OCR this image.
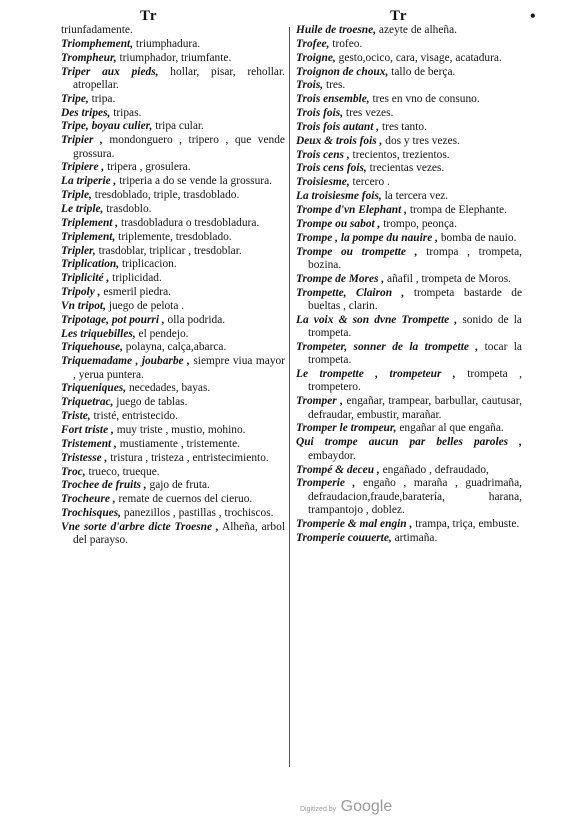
Tr	Tr	•
triunfadamente.
Triomphement, triumphadura.
Trompheur, triumphador, triumfante.
Triper aux pieds, hollar, pisar, rehollar. atropellar.
Tripe, tripa.
Des tripes, tripas.
Tripe, boyau culier, tripa cular.
Tripier , mondonguero , tripero , que vende grossura.
Tripiere , tripera , grosulera.
La triperie , triperia a do se vende la grossura.
Triple, tresdoblado, triple, trasdoblado.
Le triple, trasdoblo.
Triplement , trasdobladura o tresdobladura.
Triplement, triplemente, tresdoblado.
Tripler, trasdoblar, triplicar , tresdoblar.
Triplication, triplicacion.
Triplicité , triplicidad.
Tripoly , esmeril piedra.
Vn tripot, juego de pelota .
Tripotage, pot pourri , olla podrida.
Les triquebilles, el pendejo.
Triquehouse, polayna, calça,abarca.
Triquemadame , joubarbe , siempre viua mayor , yerua puntera.
Triqueniques, necedades, bayas.
Triquetrac, juego de tablas.
Triste, tristé, entristecido.
Fort triste , muy triste , mustio, mohino.
Tristement , mustiamente , tristemente.
Tristesse , tristura , tristeza , entristecimiento.
Troc, trueco, trueque.
Trochee de fruits , gajo de fruta.
Trocheure , remate de cuernos del cieruo.
Trochisques, panezillos , pastillas , trochiscos.
Vne sorte d'arbre dicte Troesne , Alheña, arbol del parayso.
Huile de troesne, azeyte de alheña.
Trofee, trofeo.
Troigne, gesto,ocico, cara, visage, acatadura.
Troignon de choux, tallo de berça.
Trois, tres.
Trois ensemble, tres en vno de consuno.
Trois fois, tres vezes.
Trois fois autant , tres tanto.
Deux & trois fois , dos y tres vezes.
Trois cens , trecientos, trezientos.
Trois cens fois, trecientas vezes.
Troisiesme, tercero .
La troisiesme fois, la tercera vez.
Trompe d'vn Elephant , trompa de Elephante.
Trompe ou sabot , trompo, peonça.
Trompe , la pompe du nauire , bomba de nauio.
Trompe ou trompette , trompa , trompeta, bozina.
Trompe de Mores , añafil , trompeta de Moros.
Trompette, Clairon , trompeta bastarde de bueltas , clarin.
La voix & son dvne Trompette , sonido de la trompeta.
Trompeter, sonner de la trompette , tocar la trompeta.
Le trompette , trompeteur , trompeta , trompetero.
Tromper , engañar, trampear, barbullar, cautusar, defraudar, embustir, marañar.
Tromper le trompeur, engañar al que engaña.
Qui trompe aucun par belles paroles , embaydor.
Trompé & deceu , engañado , defraudado,
Tromperie , engaño , maraña , guadrimaña, defraudacion,fraude,baratería, harana, trampantojo , doblez.
Tromperie & mal engin , trampa, triça, embuste.
Tromperie couuerte, artimaña.
Digitized by Google
